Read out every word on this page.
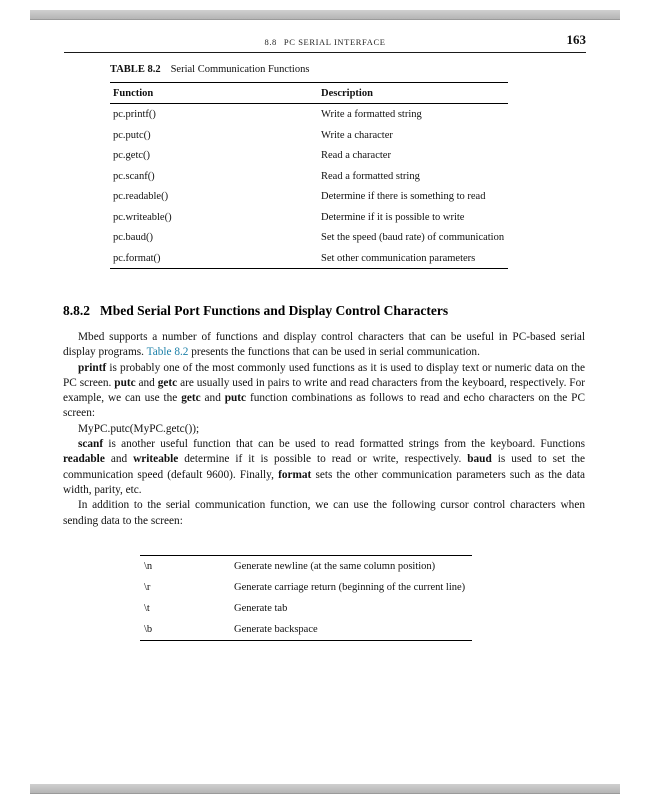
8.8 PC SERIAL INTERFACE	163
TABLE 8.2 Serial Communication Functions
Function	Description
pc.printf()	Write a formatted string
pc.putc()	Write a character
pc.getc()	Read a character
pc.scanf()	Read a formatted string
pc.readable()	Determine if there is something to read
pc.writeable()	Determine if it is possible to write
pc.baud()	Set the speed (baud rate) of communication
pc.format()	Set other communication parameters
8.8.2 Mbed Serial Port Functions and Display Control Characters

Mbed supports a number of functions and display control characters that can be useful in PC-based serial display programs. Table 8.2 presents the functions that can be used in serial communication.

printf is probably one of the most commonly used functions as it is used to display text or numeric data on the PC screen. putc and getc are usually used in pairs to write and read characters from the keyboard, respectively. For example, we can use the getc and putc function combinations as follows to read and echo characters on the PC screen:

MyPC.putc(MyPC.getc());

scanf is another useful function that can be used to read formatted strings from the keyboard. Functions readable and writeable determine if it is possible to read or write, respectively. baud is used to set the communication speed (default 9600). Finally, format sets the other communication parameters such as the data width, parity, etc.

In addition to the serial communication function, we can use the following cursor control characters when sending data to the screen:

\n	Generate newline (at the same column position)
\r	Generate carriage return (beginning of the current line)
\t	Generate tab
\b	Generate backspace
